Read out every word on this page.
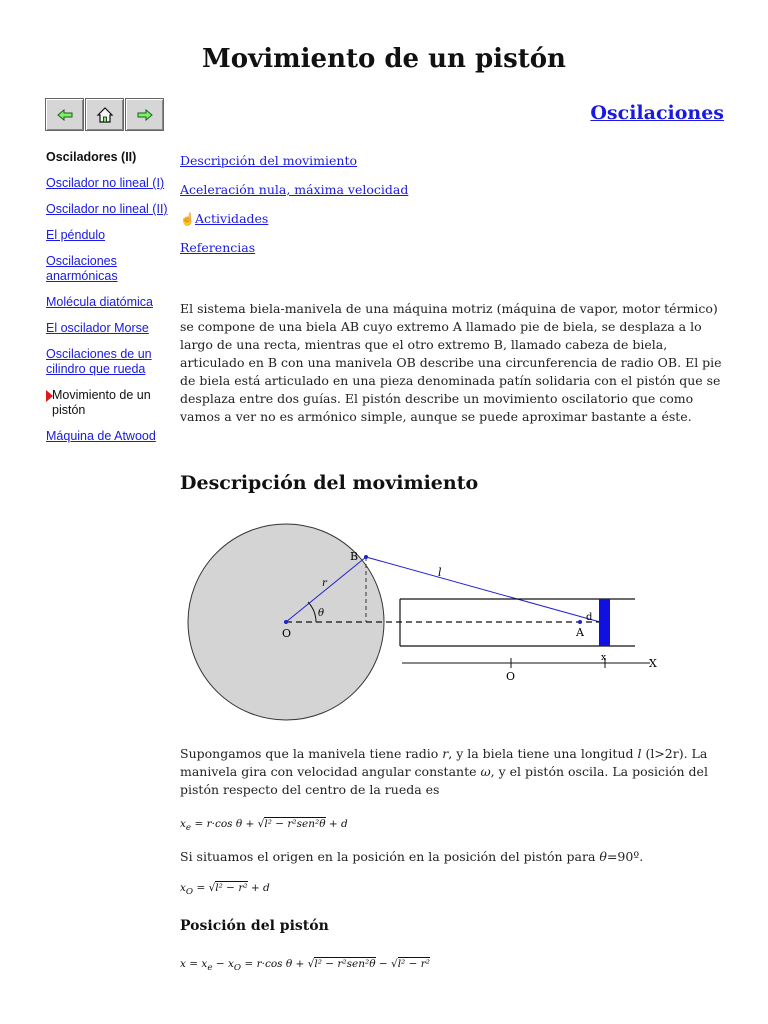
Movimiento de un pistón
Oscilaciones
Osciladores (II)
Oscilador no lineal (I)
Oscilador no lineal (II)
El péndulo
Oscilaciones anarmónicas
Molécula diatómica
El oscilador Morse
Oscilaciones de un cilindro que rueda
Movimiento de un pistón
Máquina de Atwood
Descripción del movimiento
Aceleración nula, máxima velocidad
☝ Actividades
Referencias

El sistema biela-manivela de una máquina motriz (máquina de vapor, motor térmico) se compone de una biela AB cuyo extremo A llamado pie de biela, se desplaza a lo largo de una recta, mientras que el otro extremo B, llamado cabeza de biela, articulado en B con una manivela OB describe una circunferencia de radio OB. El pie de biela está articulado en una pieza denominada patín solidaria con el pistón que se desplaza entre dos guías. El pistón describe un movimiento oscilatorio que como vamos a ver no es armónico simple, aunque se puede aproximar bastante a éste.

Descripción del movimiento
B
l
r
θ
O
d
A
x
O
X

Supongamos que la manivela tiene radio r, y la biela tiene una longitud l (l>2r). La manivela gira con velocidad angular constante ω, y el pistón oscila. La posición del pistón respecto del centro de la rueda es

$x_e = r\cdot\cos$ θ + √l² − r²sen²θ + d

Si situamos el origen en la posición en la posición del pistón para θ=90º.

$x_O = √l^2 - r^2 + d$
Posición del pistón
$x = x_e - x_O = r\cdot\cos$ θ + √l² − r²sen²θ − √l² − r²
